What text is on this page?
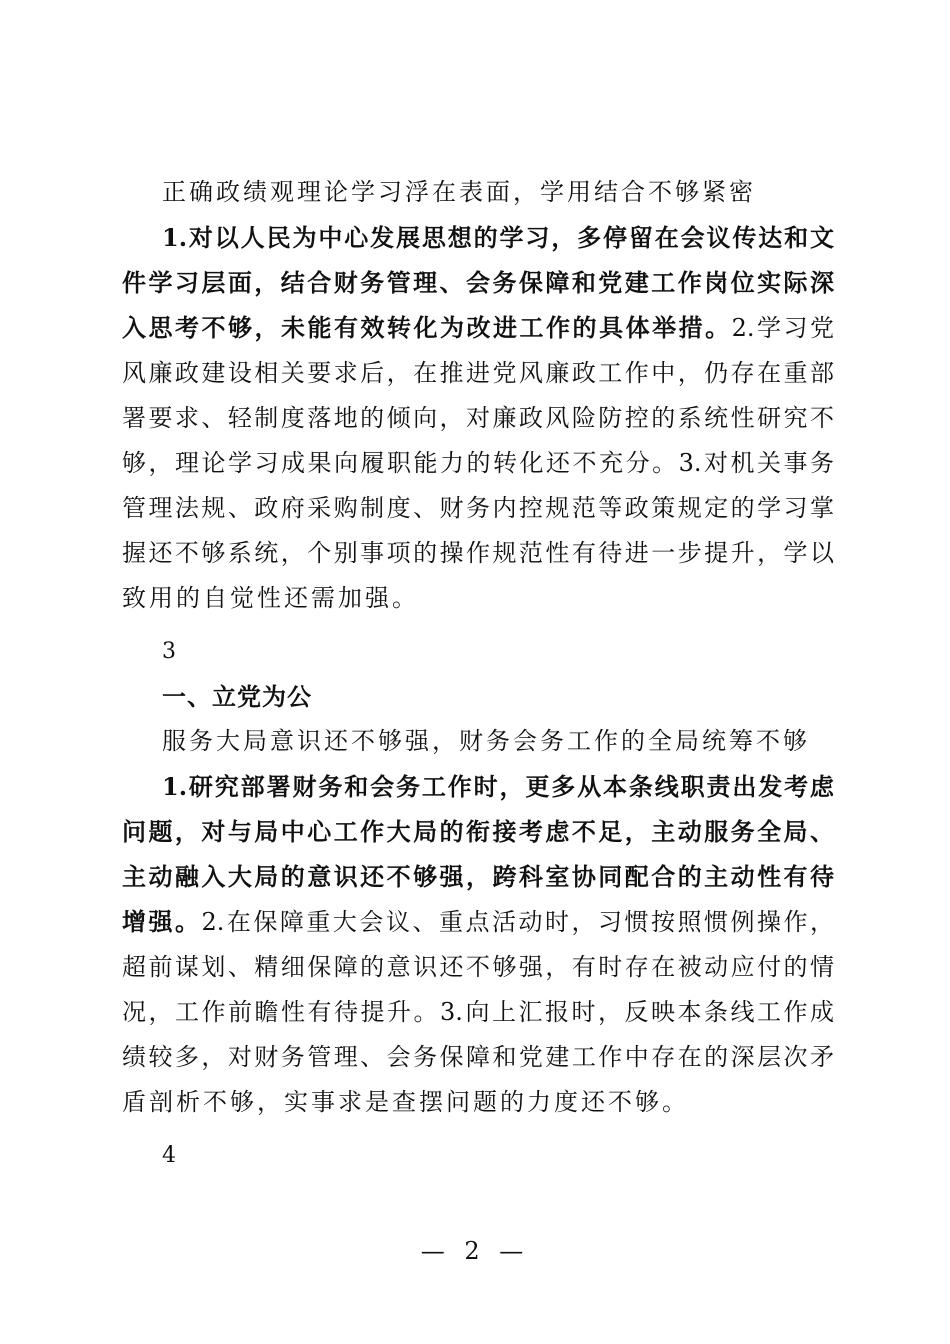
正确政绩观理论学习浮在表面，学用结合不够紧密
1.对以人民为中心发展思想的学习，多停留在会议传达和文
件学习层面，结合财务管理、会务保障和党建工作岗位实际深
入思考不够，未能有效转化为改进工作的具体举措。2.学习党
风廉政建设相关要求后，在推进党风廉政工作中，仍存在重部
署要求、轻制度落地的倾向，对廉政风险防控的系统性研究不
够，理论学习成果向履职能力的转化还不充分。3.对机关事务
管理法规、政府采购制度、财务内控规范等政策规定的学习掌
握还不够系统，个别事项的操作规范性有待进一步提升，学以
致用的自觉性还需加强。
3
一、立党为公
服务大局意识还不够强，财务会务工作的全局统筹不够
1.研究部署财务和会务工作时，更多从本条线职责出发考虑
问题，对与局中心工作大局的衔接考虑不足，主动服务全局、
主动融入大局的意识还不够强，跨科室协同配合的主动性有待
增强。2.在保障重大会议、重点活动时，习惯按照惯例操作，
超前谋划、精细保障的意识还不够强，有时存在被动应付的情
况，工作前瞻性有待提升。3.向上汇报时，反映本条线工作成
绩较多，对财务管理、会务保障和党建工作中存在的深层次矛
盾剖析不够，实事求是查摆问题的力度还不够。
4
— 2 —
